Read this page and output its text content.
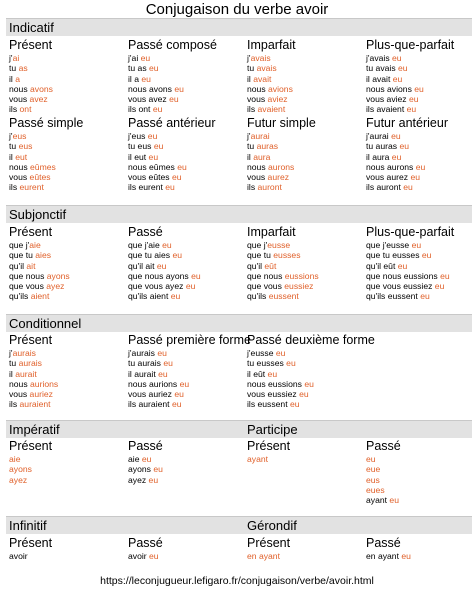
Conjugaison du verbe avoir
Indicatif
Subjonctif
Conditionnel
Impératif	Participe
Infinitif	Gérondif
Présent
j'ai
tu as
il a
nous avons
vous avez
ils ont
Passé composé
j'ai eu
tu as eu
il a eu
nous avons eu
vous avez eu
ils ont eu
Imparfait
j'avais
tu avais
il avait
nous avions
vous aviez
ils avaient
Plus-que-parfait
j'avais eu
tu avais eu
il avait eu
nous avions eu
vous aviez eu
ils avaient eu
Passé simple
j'eus
tu eus
il eut
nous eûmes
vous eûtes
ils eurent
Passé antérieur
j'eus eu
tu eus eu
il eut eu
nous eûmes eu
vous eûtes eu
ils eurent eu
Futur simple
j'aurai
tu auras
il aura
nous aurons
vous aurez
ils auront
Futur antérieur
j'aurai eu
tu auras eu
il aura eu
nous aurons eu
vous aurez eu
ils auront eu
Présent
que j'aie
que tu aies
qu'il ait
que nous ayons
que vous ayez
qu'ils aient
Passé
que j'aie eu
que tu aies eu
qu'il ait eu
que nous ayons eu
que vous ayez eu
qu'ils aient eu
Imparfait
que j'eusse
que tu eusses
qu'il eût
que nous eussions
que vous eussiez
qu'ils eussent
Plus-que-parfait
que j'eusse eu
que tu eusses eu
qu'il eût eu
que nous eussions eu
que vous eussiez eu
qu'ils eussent eu
Présent
j'aurais
tu aurais
il aurait
nous aurions
vous auriez
ils auraient
Passé première forme
j'aurais eu
tu aurais eu
il aurait eu
nous aurions eu
vous auriez eu
ils auraient eu
Passé deuxième forme
j'eusse eu
tu eusses eu
il eût eu
nous eussions eu
vous eussiez eu
ils eussent eu
Présent
aie
ayons
ayez
Passé
aie eu
ayons eu
ayez eu
Présent
ayant
Passé
eu
eue
eus
eues
ayant eu
Présent
avoir
Passé
avoir eu
Présent
en ayant
Passé
en ayant eu
https://leconjugueur.lefigaro.fr/conjugaison/verbe/avoir.html
